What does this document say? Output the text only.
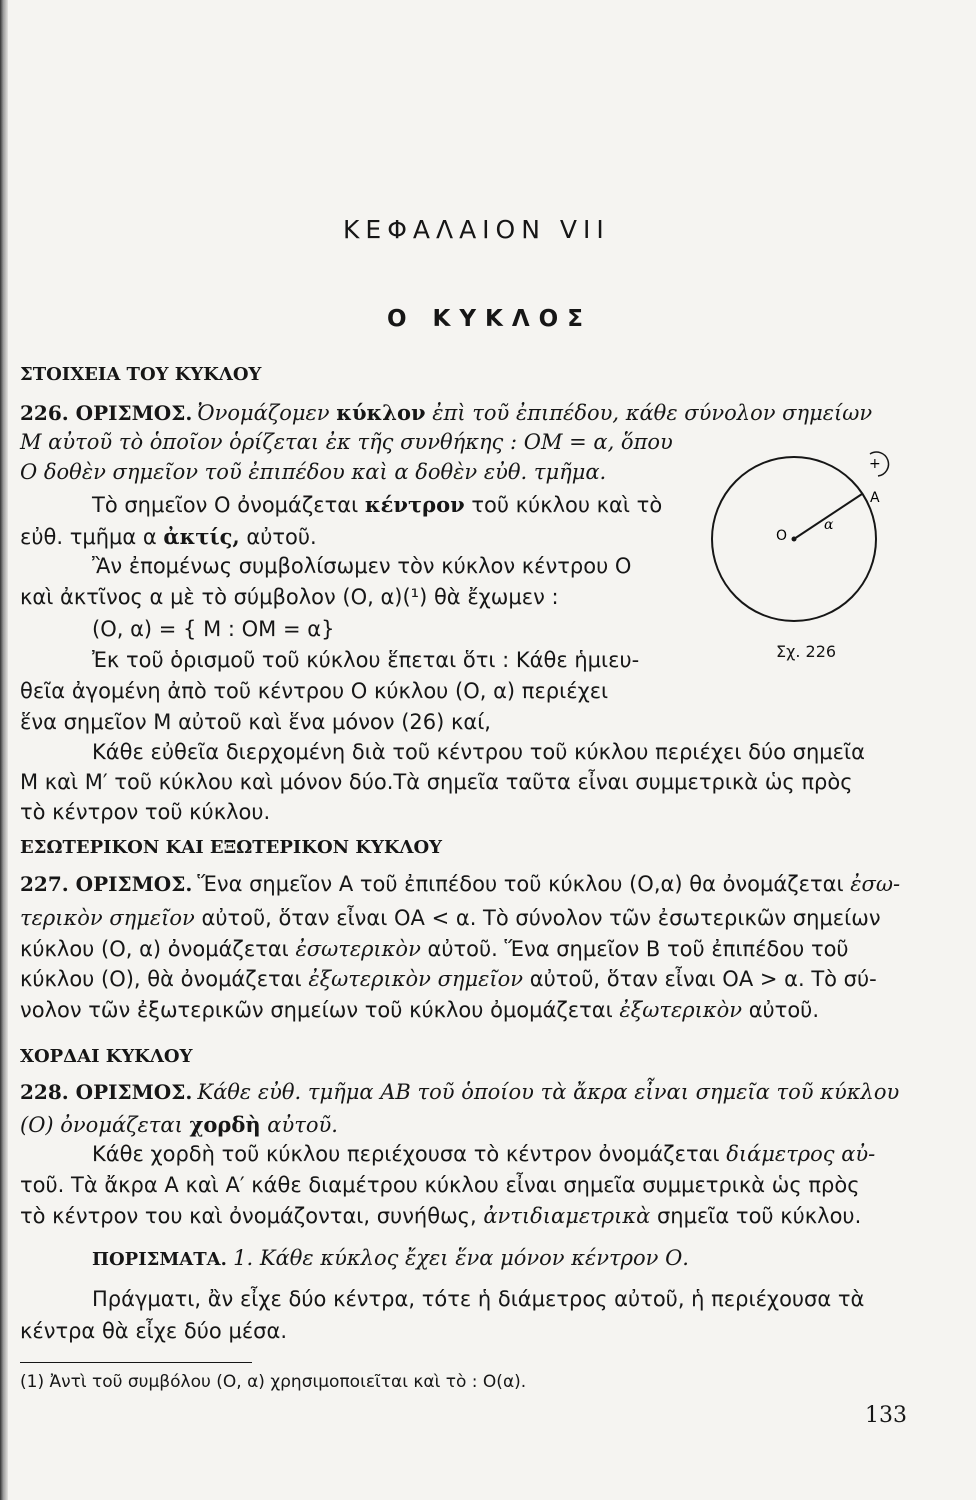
ΚΕΦΑΛΑΙΟΝ VII
Ο ΚΥΚΛΟΣ
ΣΤΟΙΧΕΙΑ ΤΟΥ ΚΥΚΛΟΥ
226. ΟΡΙΣΜΟΣ. Ὀνομάζομεν κύκλον ἐπὶ τοῦ ἐπιπέδου, κάθε σύνολον σημείων
Μ αὐτοῦ τὸ ὁποῖον ὁρίζεται ἐκ τῆς συνθήκης : ΟΜ = α, ὅπου
Ο δοθὲν σημεῖον τοῦ ἐπιπέδου καὶ α δοθὲν εὐθ. τμῆμα.
Τὸ σημεῖον Ο ὀνομάζεται κέντρον τοῦ κύκλου καὶ τὸ
εὐθ. τμῆμα α ἀκτίς, αὐτοῦ.
Ἂν ἐπομένως συμβολίσωμεν τὸν κύκλον κέντρου Ο
καὶ ἀκτῖνος α μὲ τὸ σύμβολον (Ο, α)(¹) θὰ ἔχωμεν :
(Ο, α) = { Μ : ΟΜ = α}
Ἐκ τοῦ ὁρισμοῦ τοῦ κύκλου ἕπεται ὅτι : Κάθε ἡμιευ-
θεῖα ἀγομένη ἀπὸ τοῦ κέντρου Ο κύκλου (Ο, α) περιέχει
ἕνα σημεῖον Μ αὐτοῦ καὶ ἕνα μόνον (26) καί,
Κάθε εὐθεῖα διερχομένη διὰ τοῦ κέντρου τοῦ κύκλου περιέχει δύο σημεῖα
Μ καὶ Μ′ τοῦ κύκλου καὶ μόνον δύο.Τὰ σημεῖα ταῦτα εἶναι συμμετρικὰ ὡς πρὸς
τὸ κέντρον τοῦ κύκλου.
+
Ο
α
Α
Σχ. 226
ΕΣΩΤΕΡΙΚΟΝ ΚΑΙ ΕΞΩΤΕΡΙΚΟΝ ΚΥΚΛΟΥ
227. ΟΡΙΣΜΟΣ. Ἕνα σημεῖον Α τοῦ ἐπιπέδου τοῦ κύκλου (Ο,α) θα ὀνομάζεται ἐσω-
τερικὸν σημεῖον αὐτοῦ, ὅταν εἶναι ΟΑ < α. Τὸ σύνολον τῶν ἐσωτερικῶν σημείων
κύκλου (Ο, α) ὀνομάζεται ἐσωτερικὸν αὐτοῦ. Ἕνα σημεῖον Β τοῦ ἐπιπέδου τοῦ
κύκλου (Ο), θὰ ὀνομάζεται ἐξωτερικὸν σημεῖον αὐτοῦ, ὅταν εἶναι ΟΑ > α. Τὸ σύ-
νολον τῶν ἐξωτερικῶν σημείων τοῦ κύκλου ὀμομάζεται ἐξωτερικὸν αὐτοῦ.
ΧΟΡΔΑΙ ΚΥΚΛΟΥ
228. ΟΡΙΣΜΟΣ. Κάθε εὐθ. τμῆμα ΑΒ τοῦ ὁποίου τὰ ἄκρα εἶναι σημεῖα τοῦ κύκλου
(Ο) ὀνομάζεται χορδὴ αὐτοῦ.
Κάθε χορδὴ τοῦ κύκλου περιέχουσα τὸ κέντρον ὀνομάζεται διάμετρος αὐ-
τοῦ. Τὰ ἄκρα Α καὶ Α′ κάθε διαμέτρου κύκλου εἶναι σημεῖα συμμετρικὰ ὡς πρὸς
τὸ κέντρον του καὶ ὀνομάζονται, συνήθως, ἀντιδιαμετρικὰ σημεῖα τοῦ κύκλου.
ΠΟΡΙΣΜΑΤΑ. 1. Κάθε κύκλος ἔχει ἕνα μόνον κέντρον Ο.
Πράγματι, ἂν εἶχε δύο κέντρα, τότε ἡ διάμετρος αὐτοῦ, ἡ περιέχουσα τὰ
κέντρα θὰ εἶχε δύο μέσα.
(1) Ἀντὶ τοῦ συμβόλου (Ο, α) χρησιμοποιεῖται καὶ τὸ : Ο(α).
133
